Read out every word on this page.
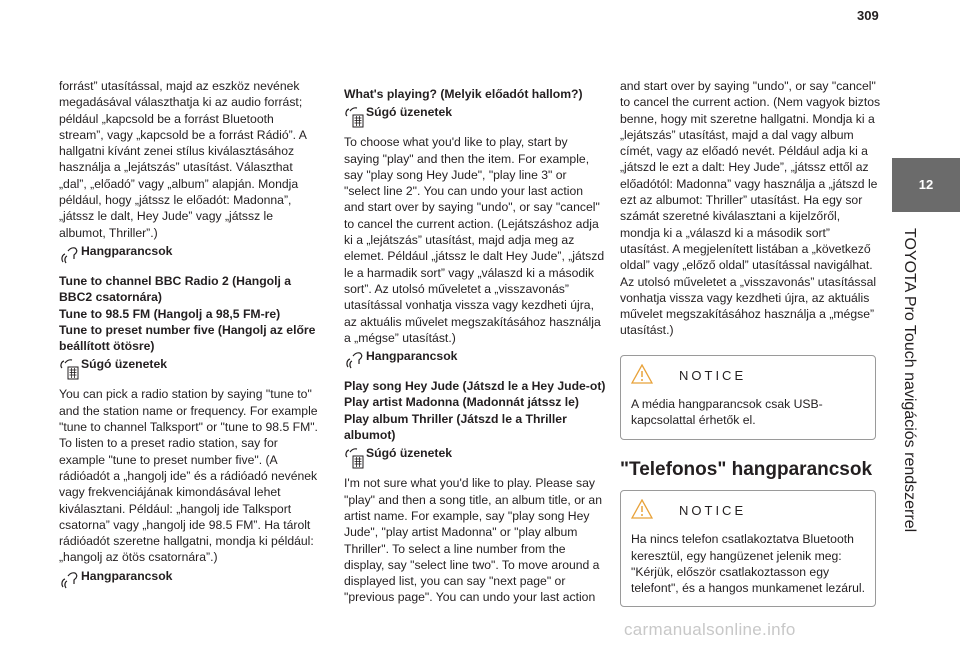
309
12
TOYOTA Pro Touch navigációs rendszerrel

forrást” utasítással, majd az eszköz nevének megadásával választhatja ki az audio forrást; például „kapcsold be a forrást Bluetooth stream”, vagy „kapcsold be a forrást Rádió”. A hallgatni kívánt zenei stílus kiválasztásához használja a „lejátszás” utasítást. Választhat „dal”, „előadó” vagy „album” alapján. Mondja például, hogy „játssz le előadót: Madonna”, „játssz le dalt, Hey Jude” vagy „játssz le albumot, Thriller”.)

Hangparancsok

Tune to channel BBC Radio 2 (Hangolj a BBC2 csatornára)

Tune to 98.5 FM (Hangolj a 98,5 FM-re)

Tune to preset number five (Hangolj az előre beállított ötösre)

Súgó üzenetek

You can pick a radio station by saying "tune to" and the station name or frequency. For example "tune to channel Talksport" or "tune to 98.5 FM". To listen to a preset radio station, say for example "tune to preset number five". (A rádióadót a „hangolj ide” és a rádióadó nevének vagy frekvenciájának kimondásával lehet kiválasztani. Például: „hangolj ide Talksport csatorna” vagy „hangolj ide 98.5 FM”. Ha tárolt rádióadót szeretne hallgatni, mondja ki például: „hangolj az ötös csatornára”.)

Hangparancsok

What's playing? (Melyik előadót hallom?)

Súgó üzenetek

To choose what you'd like to play, start by saying "play" and then the item. For example, say "play song Hey Jude", "play line 3" or "select line 2". You can undo your last action and start over by saying "undo", or say "cancel" to cancel the current action. (Lejátszáshoz adja ki a „lejátszás” utasítást, majd adja meg az elemet. Például „játssz le dalt Hey Jude”, „játszd le a harmadik sort” vagy „válaszd ki a második sort”. Az utolsó műveletet a „visszavonás” utasítással vonhatja vissza vagy kezdheti újra, az aktuális művelet megszakításához használja a „mégse” utasítást.)

Hangparancsok

Play song Hey Jude (Játszd le a Hey Jude-ot)

Play artist Madonna (Madonnát játssz le)

Play album Thriller (Játszd le a Thriller albumot)

Súgó üzenetek

I'm not sure what you'd like to play. Please say "play" and then a song title, an album title, or an artist name. For example, say "play song Hey Jude", "play artist Madonna" or "play album Thriller". To select a line number from the display, say "select line two". To move around a displayed list, you can say "next page" or "previous page". You can undo your last action

and start over by saying "undo", or say "cancel" to cancel the current action. (Nem vagyok biztos benne, hogy mit szeretne hallgatni. Mondja ki a „lejátszás” utasítást, majd a dal vagy album címét, vagy az előadó nevét. Például adja ki a „játszd le ezt a dalt: Hey Jude”, „játssz ettől az előadótól: Madonna” vagy használja a „játszd le ezt az albumot: Thriller” utasítást. Ha egy sor számát szeretné kiválasztani a kijelzőről, mondja ki a „válaszd ki a második sort” utasítást. A megjelenített listában a „következő oldal” vagy „előző oldal” utasítással navigálhat. Az utolsó műveletet a „visszavonás” utasítással vonhatja vissza vagy kezdheti újra, az aktuális művelet megszakításához használja a „mégse” utasítást.)

NOTICE

A média hangparancsok csak USB-kapcsolattal érhetők el.

"Telefonos" hangparancsok

NOTICE

Ha nincs telefon csatlakoztatva Bluetooth keresztül, egy hangüzenet jelenik meg: "Kérjük, először csatlakoztasson egy telefont", és a hangos munkamenet lezárul.

carmanualsonline.info
